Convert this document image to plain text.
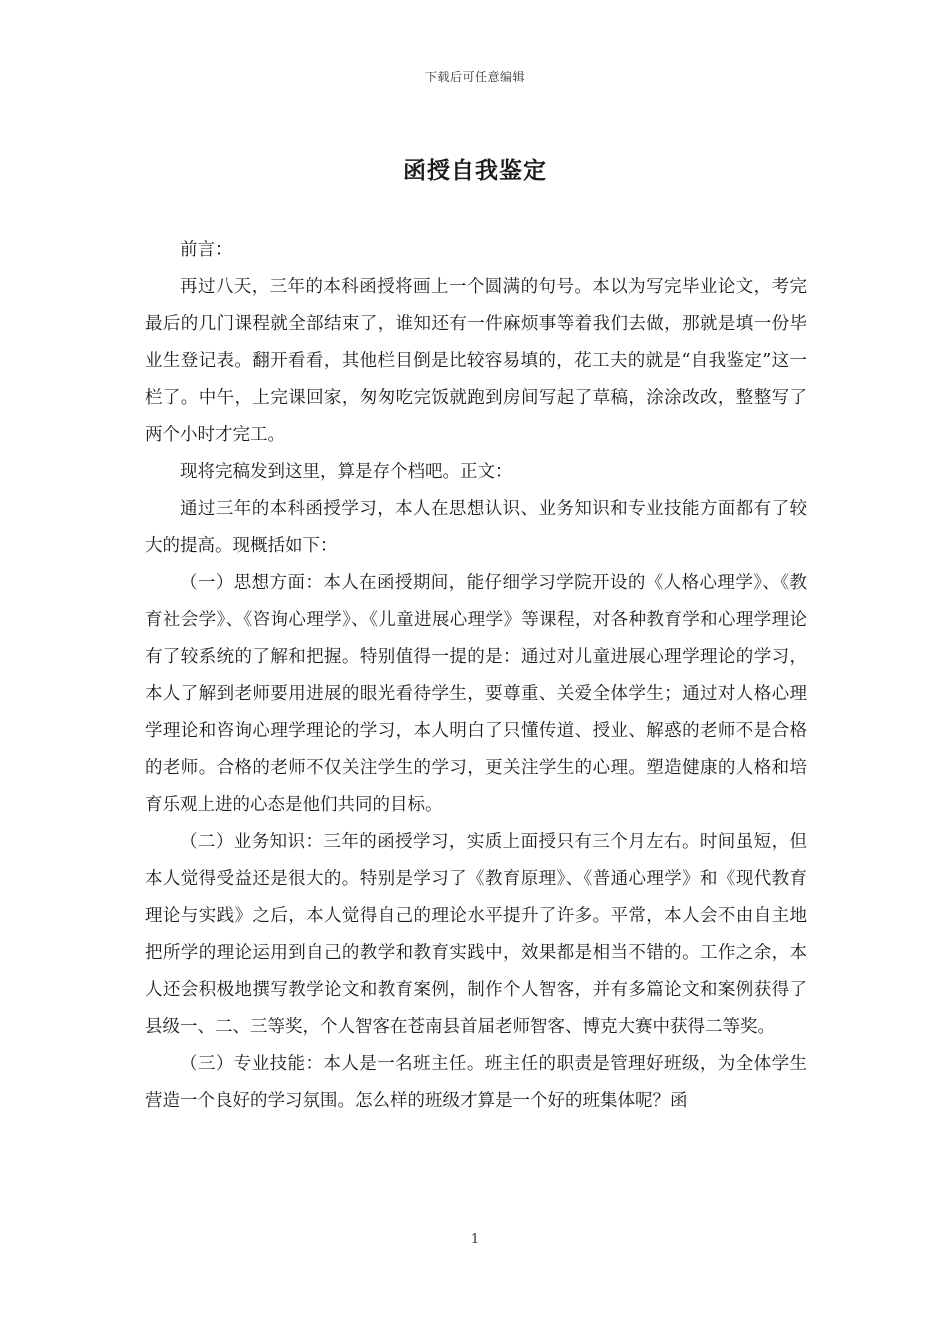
下载后可任意编辑
函授自我鉴定

前言：

再过八天，三年的本科函授将画上一个圆满的句号。本以为写完毕业论文，考完最后的几门课程就全部结束了，谁知还有一件麻烦事等着我们去做，那就是填一份毕业生登记表。翻开看看，其他栏目倒是比较容易填的，花工夫的就是“自我鉴定”这一栏了。中午，上完课回家，匆匆吃完饭就跑到房间写起了草稿，涂涂改改，整整写了两个小时才完工。

现将完稿发到这里，算是存个档吧。正文：

通过三年的本科函授学习，本人在思想认识、业务知识和专业技能方面都有了较大的提高。现概括如下：

（一）思想方面：本人在函授期间，能仔细学习学院开设的《人格心理学》、《教育社会学》、《咨询心理学》、《儿童进展心理学》等课程，对各种教育学和心理学理论有了较系统的了解和把握。特别值得一提的是：通过对儿童进展心理学理论的学习，本人了解到老师要用进展的眼光看待学生，要尊重、关爱全体学生；通过对人格心理学理论和咨询心理学理论的学习，本人明白了只懂传道、授业、解惑的老师不是合格的老师。合格的老师不仅关注学生的学习，更关注学生的心理。塑造健康的人格和培育乐观上进的心态是他们共同的目标。

（二）业务知识：三年的函授学习，实质上面授只有三个月左右。时间虽短，但本人觉得受益还是很大的。特别是学习了《教育原理》、《普通心理学》和《现代教育理论与实践》之后，本人觉得自己的理论水平提升了许多。平常，本人会不由自主地把所学的理论运用到自己的教学和教育实践中，效果都是相当不错的。工作之余，本人还会积极地撰写教学论文和教育案例，制作个人智客，并有多篇论文和案例获得了县级一、二、三等奖，个人智客在苍南县首届老师智客、博克大赛中获得二等奖。

（三）专业技能：本人是一名班主任。班主任的职责是管理好班级，为全体学生营造一个良好的学习氛围。怎么样的班级才算是一个好的班集体呢？函

1
